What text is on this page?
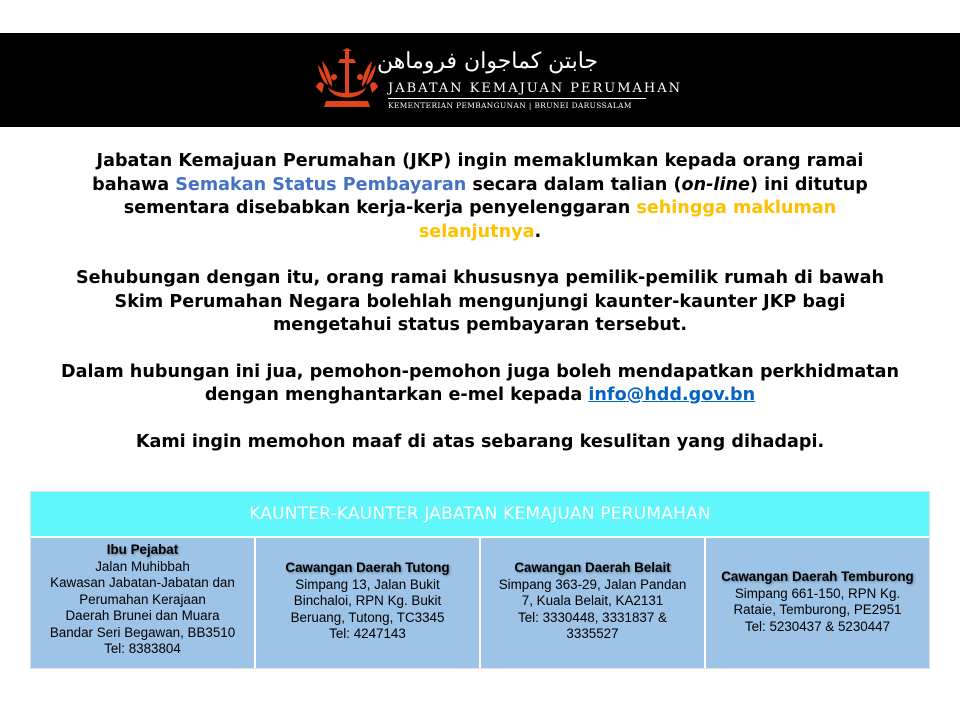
جابتن كماجوان فروماهن
JABATAN KEMAJUAN PERUMAHAN
KEMENTERIAN PEMBANGUNAN | BRUNEI DARUSSALAM

Jabatan Kemajuan Perumahan (JKP) ingin memaklumkan kepada orang ramai bahawa Semakan Status Pembayaran secara dalam talian (on-line) ini ditutup sementara disebabkan kerja-kerja penyelenggaran sehingga makluman selanjutnya.

Sehubungan dengan itu, orang ramai khususnya pemilik-pemilik rumah di bawah Skim Perumahan Negara bolehlah mengunjungi kaunter-kaunter JKP bagi mengetahui status pembayaran tersebut.

Dalam hubungan ini jua, pemohon-pemohon juga boleh mendapatkan perkhidmatan dengan menghantarkan e-mel kepada info@hdd.gov.bn

Kami ingin memohon maaf di atas sebarang kesulitan yang dihadapi.

KAUNTER-KAUNTER JABATAN KEMAJUAN PERUMAHAN
Ibu Pejabat
Jalan Muhibbah
Kawasan Jabatan-Jabatan dan
Perumahan Kerajaan
Daerah Brunei dan Muara
Bandar Seri Begawan, BB3510
Tel: 8383804
Cawangan Daerah Tutong
Simpang 13, Jalan Bukit
Binchaloi, RPN Kg. Bukit
Beruang, Tutong, TC3345
Tel: 4247143
Cawangan Daerah Belait
Simpang 363-29, Jalan Pandan
7, Kuala Belait, KA2131
Tel: 3330448, 3331837 &
3335527
Cawangan Daerah Temburong
Simpang 661-150, RPN Kg.
Rataie, Temburong, PE2951
Tel: 5230437 & 5230447
